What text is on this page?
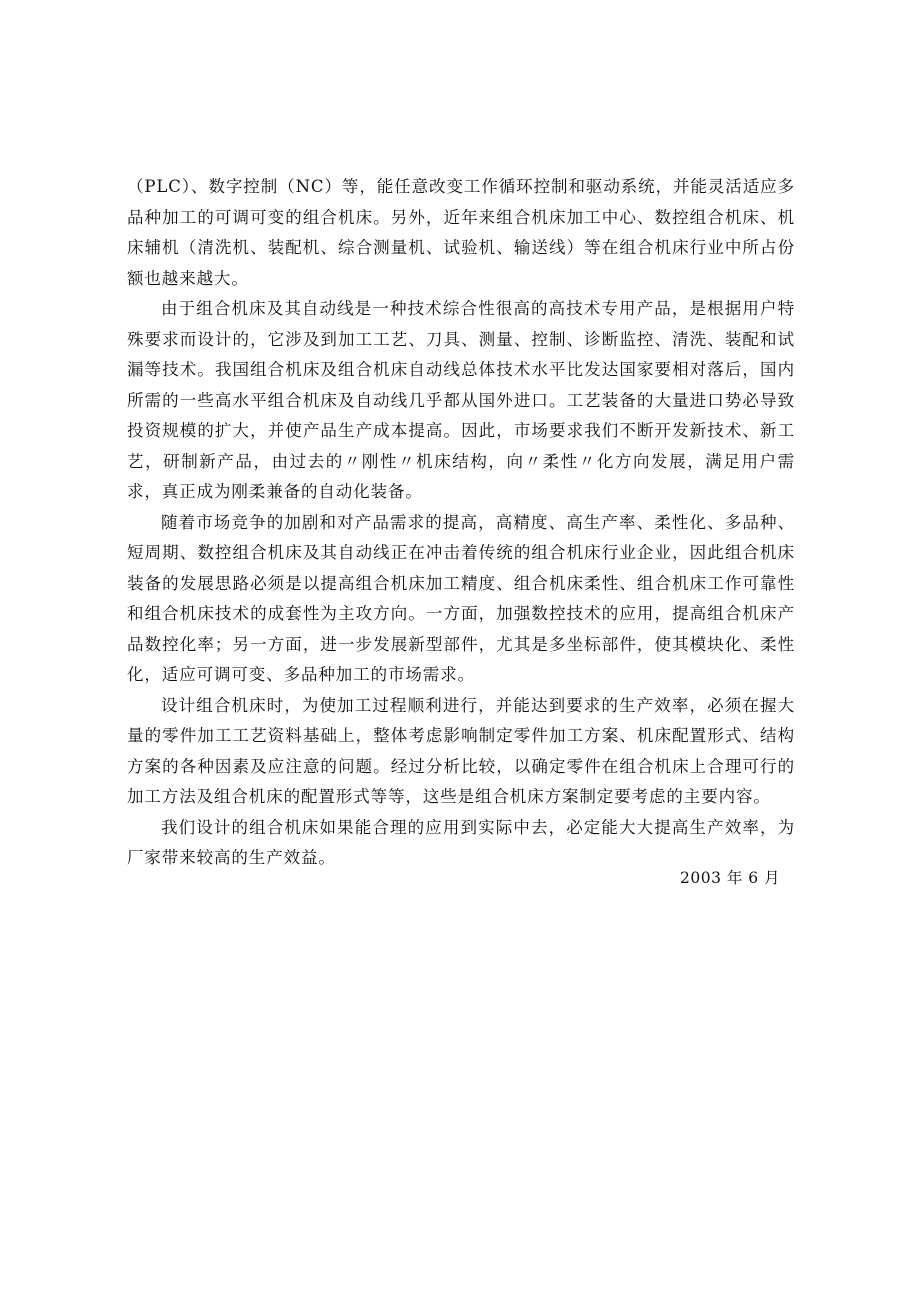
（PLC）、数字控制（NC）等，能任意改变工作循环控制和驱动系统，并能灵活适应多品种加工的可调可变的组合机床。另外，近年来组合机床加工中心、数控组合机床、机床辅机（清洗机、装配机、综合测量机、试验机、输送线）等在组合机床行业中所占份额也越来越大。

由于组合机床及其自动线是一种技术综合性很高的高技术专用产品，是根据用户特殊要求而设计的，它涉及到加工工艺、刀具、测量、控制、诊断监控、清洗、装配和试漏等技术。我国组合机床及组合机床自动线总体技术水平比发达国家要相对落后，国内所需的一些高水平组合机床及自动线几乎都从国外进口。工艺装备的大量进口势必导致投资规模的扩大，并使产品生产成本提高。因此，市场要求我们不断开发新技术、新工艺，研制新产品，由过去的〃刚性〃机床结构，向〃柔性〃化方向发展，满足用户需求，真正成为刚柔兼备的自动化装备。

随着市场竞争的加剧和对产品需求的提高，高精度、高生产率、柔性化、多品种、短周期、数控组合机床及其自动线正在冲击着传统的组合机床行业企业，因此组合机床装备的发展思路必须是以提高组合机床加工精度、组合机床柔性、组合机床工作可靠性和组合机床技术的成套性为主攻方向。一方面，加强数控技术的应用，提高组合机床产品数控化率；另一方面，进一步发展新型部件，尤其是多坐标部件，使其模块化、柔性化，适应可调可变、多品种加工的市场需求。

设计组合机床时，为使加工过程顺利进行，并能达到要求的生产效率，必须在握大量的零件加工工艺资料基础上，整体考虑影响制定零件加工方案、机床配置形式、结构方案的各种因素及应注意的问题。经过分析比较，以确定零件在组合机床上合理可行的加工方法及组合机床的配置形式等等，这些是组合机床方案制定要考虑的主要内容。

我们设计的组合机床如果能合理的应用到实际中去，必定能大大提高生产效率，为厂家带来较高的生产效益。

2003 年 6 月
